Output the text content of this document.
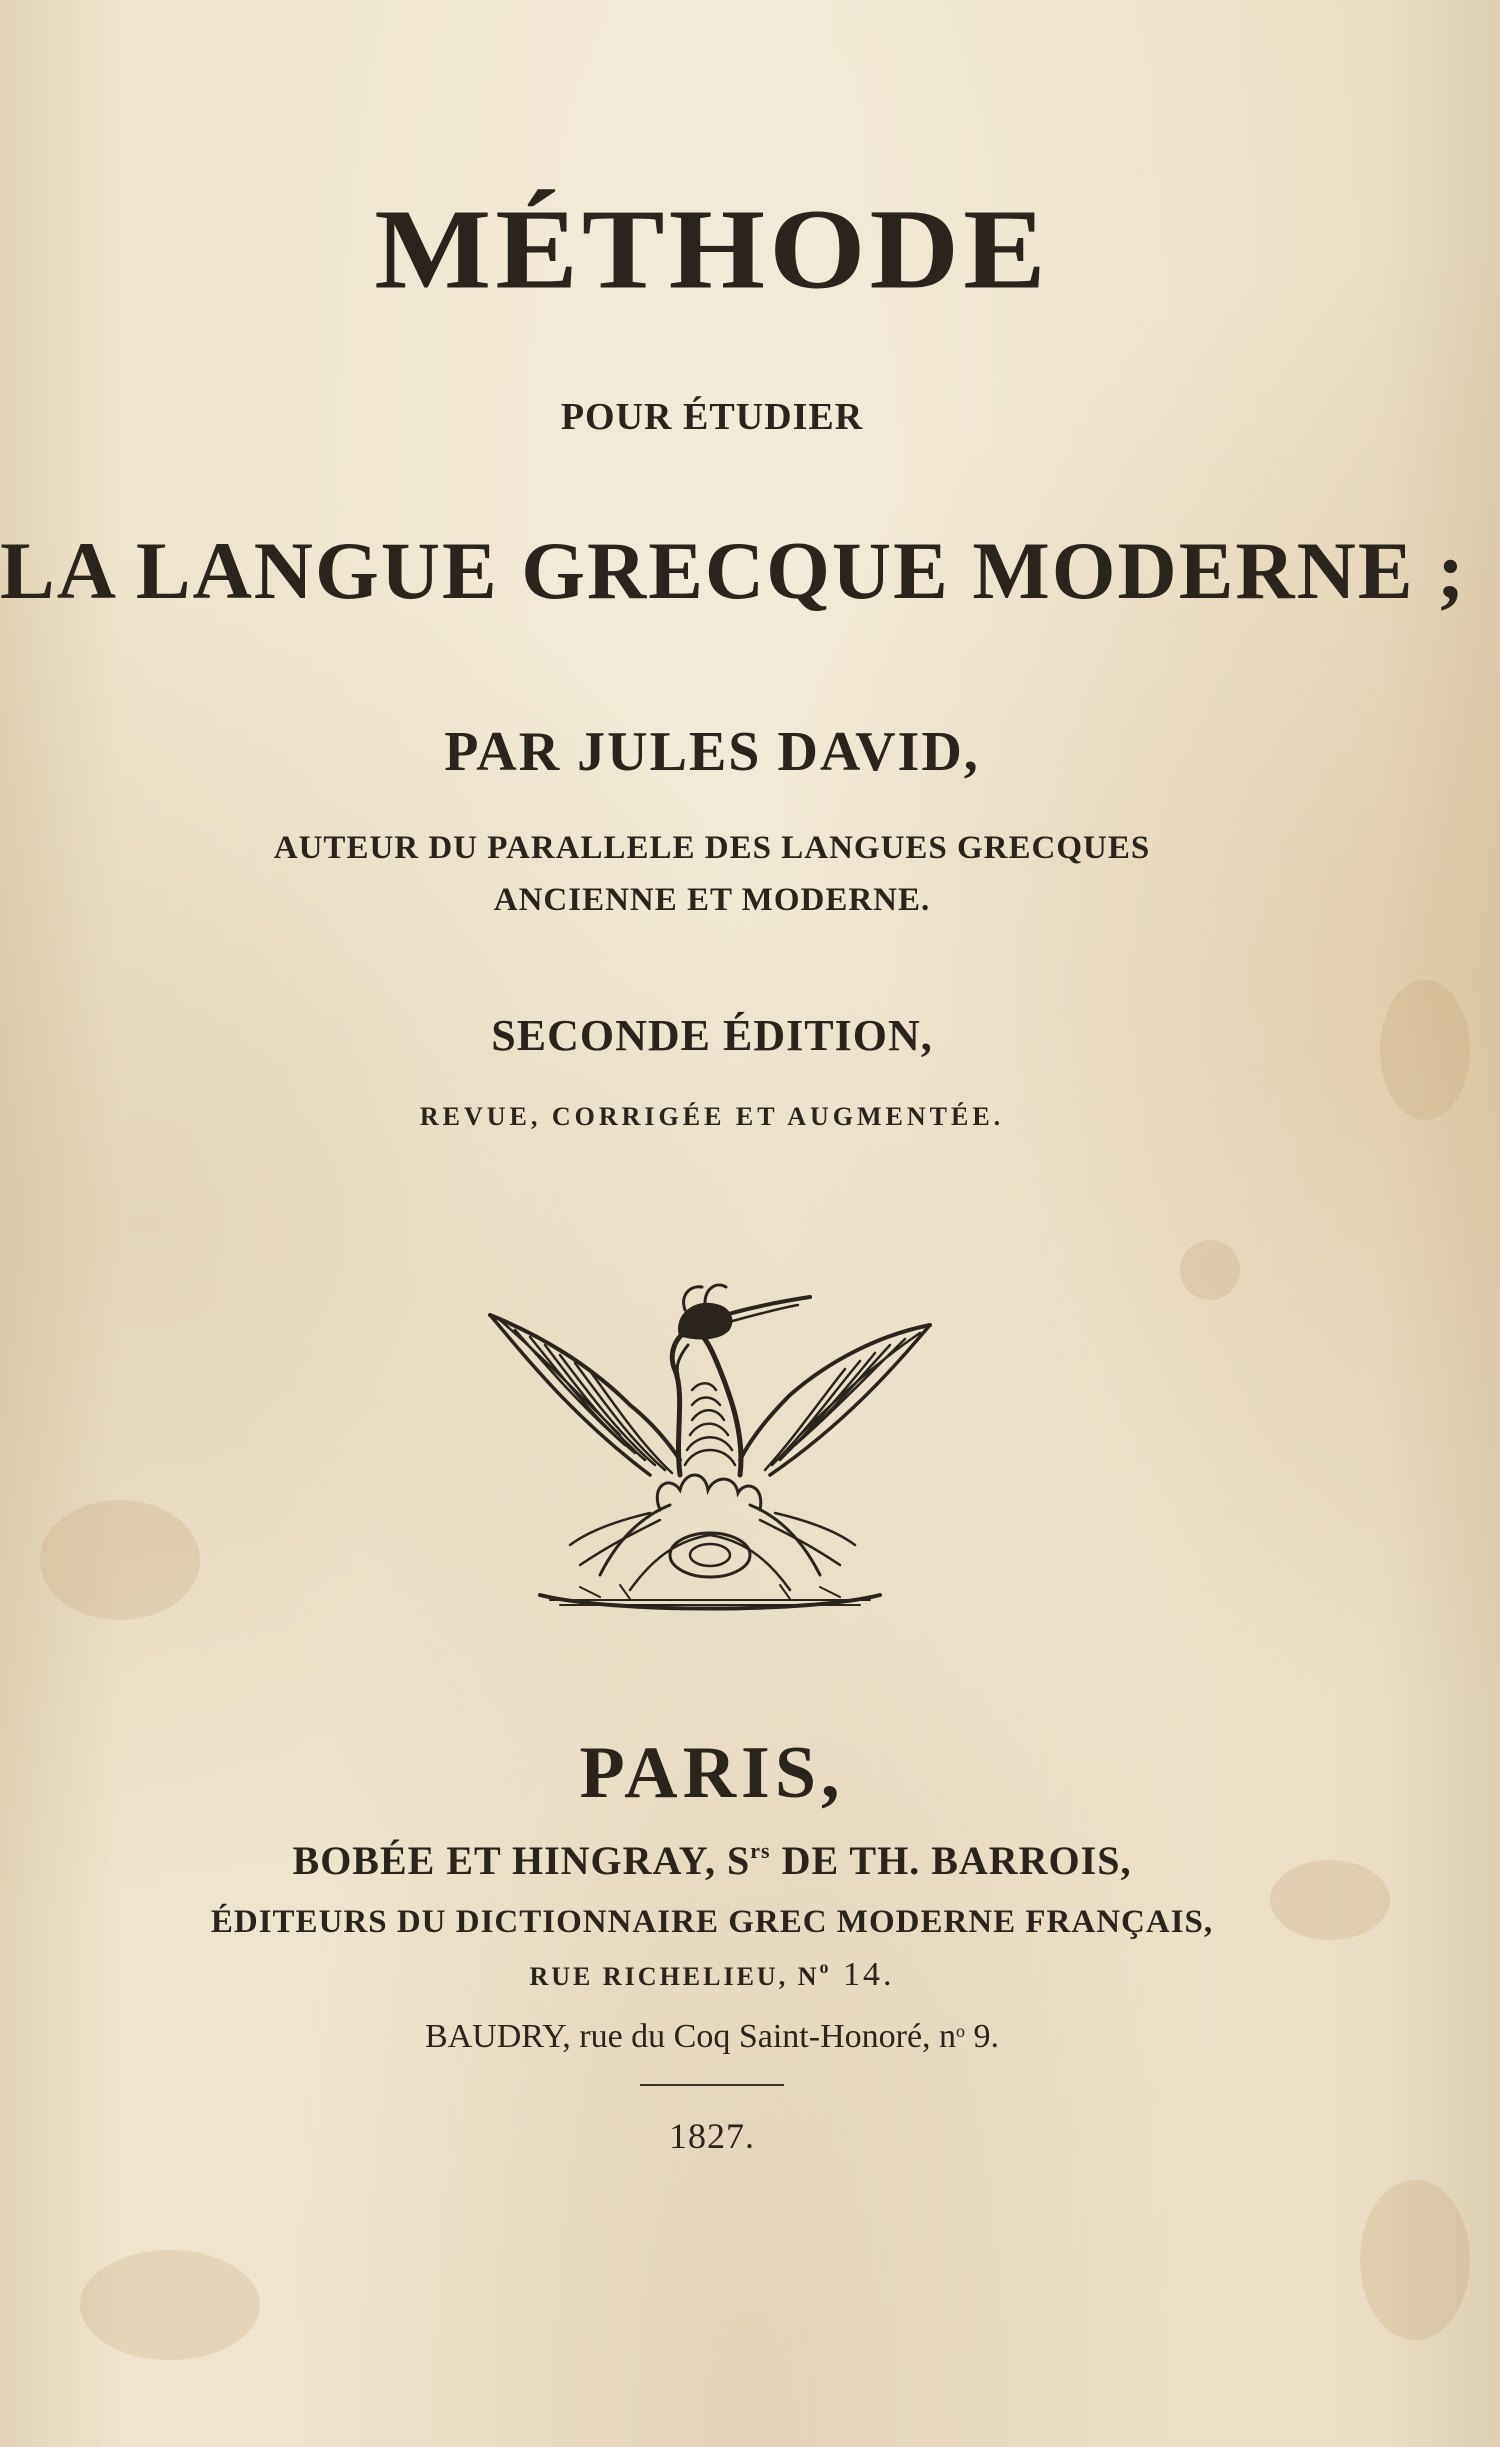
MÉTHODE
POUR ÉTUDIER
LA LANGUE GRECQUE MODERNE ;
PAR JULES DAVID,
AUTEUR DU PARALLELE DES LANGUES GRECQUES
ANCIENNE ET MODERNE.
SECONDE ÉDITION,
REVUE, CORRIGÉE ET AUGMENTÉE.
PARIS,
BOBÉE ET HINGRAY, $S^{rs}$ DE TH. BARROIS,
ÉDITEURS DU DICTIONNAIRE GREC MODERNE FRANÇAIS,
RUE RICHELIEU, $N^o$ 14.
BAUDRY, rue du Coq Saint-Honoré, $n^o$ 9.
1827.
